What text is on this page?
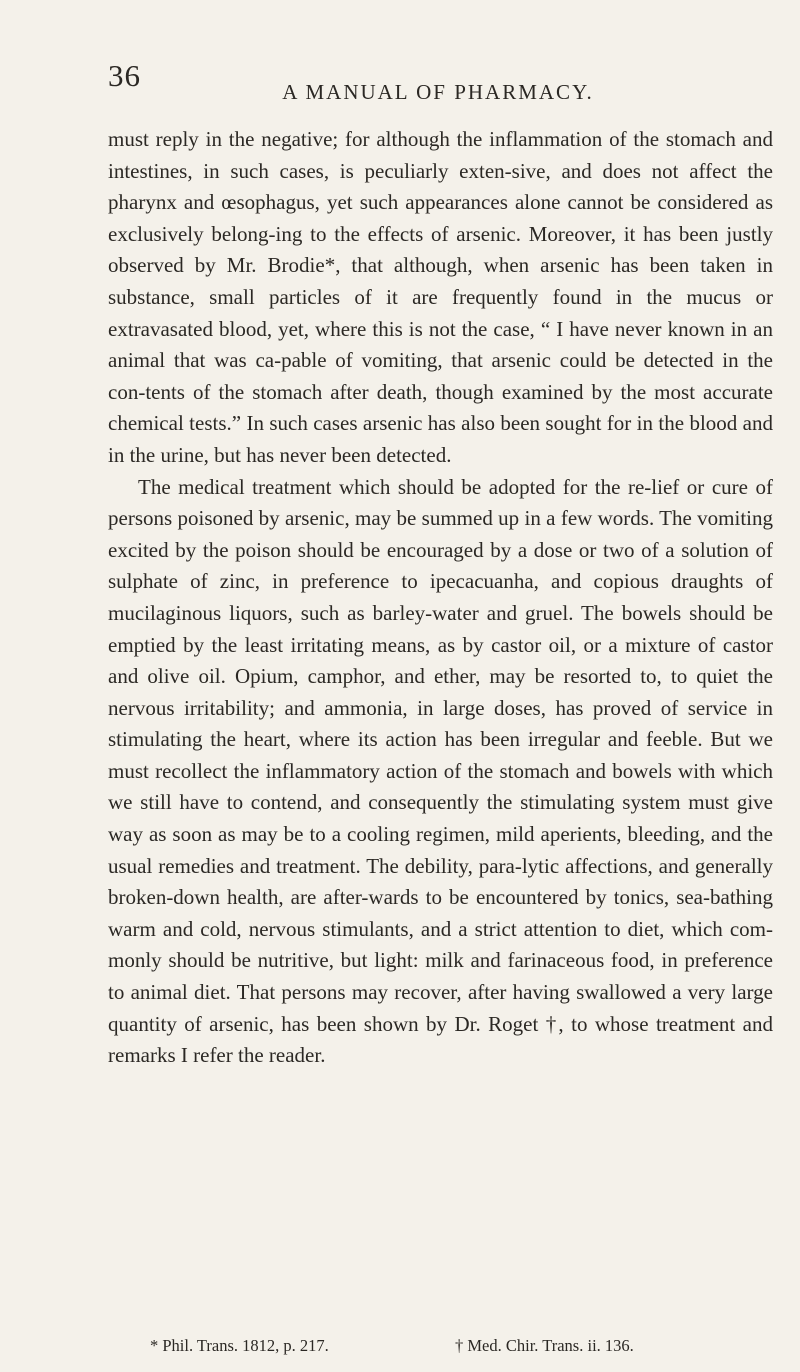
36	A MANUAL OF PHARMACY.

must reply in the negative; for although the inflammation of the stomach and intestines, in such cases, is peculiarly exten-sive, and does not affect the pharynx and œsophagus, yet such appearances alone cannot be considered as exclusively belong-ing to the effects of arsenic. Moreover, it has been justly observed by Mr. Brodie*, that although, when arsenic has been taken in substance, small particles of it are frequently found in the mucus or extravasated blood, yet, where this is not the case, “ I have never known in an animal that was ca-pable of vomiting, that arsenic could be detected in the con-tents of the stomach after death, though examined by the most accurate chemical tests.” In such cases arsenic has also been sought for in the blood and in the urine, but has never been detected.

The medical treatment which should be adopted for the re-lief or cure of persons poisoned by arsenic, may be summed up in a few words. The vomiting excited by the poison should be encouraged by a dose or two of a solution of sulphate of zinc, in preference to ipecacuanha, and copious draughts of mucilaginous liquors, such as barley-water and gruel. The bowels should be emptied by the least irritating means, as by castor oil, or a mixture of castor and olive oil. Opium, camphor, and ether, may be resorted to, to quiet the nervous irritability; and ammonia, in large doses, has proved of service in stimulating the heart, where its action has been irregular and feeble. But we must recollect the inflammatory action of the stomach and bowels with which we still have to contend, and consequently the stimulating system must give way as soon as may be to a cooling regimen, mild aperients, bleeding, and the usual remedies and treatment. The debility, para-lytic affections, and generally broken-down health, are after-wards to be encountered by tonics, sea-bathing warm and cold, nervous stimulants, and a strict attention to diet, which com-monly should be nutritive, but light: milk and farinaceous food, in preference to animal diet. That persons may recover, after having swallowed a very large quantity of arsenic, has been shown by Dr. Roget †, to whose treatment and remarks I refer the reader.

* Phil. Trans. 1812, p. 217.	† Med. Chir. Trans. ii. 136.
